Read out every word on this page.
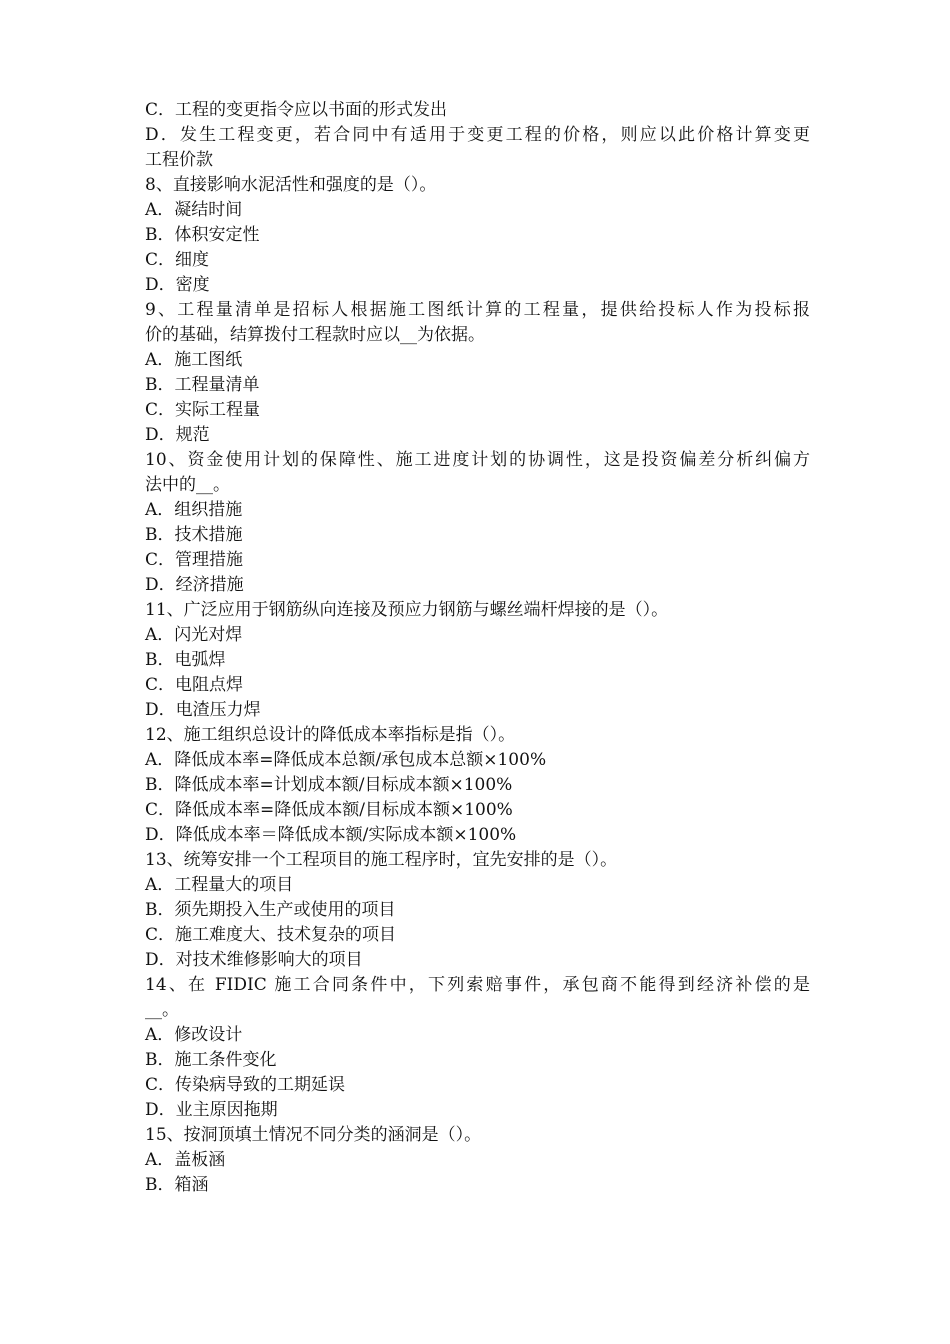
C．工程的变更指令应以书面的形式发出
D．发生工程变更，若合同中有适用于变更工程的价格，则应以此价格计算变更
工程价款
8、直接影响水泥活性和强度的是（）。
A．凝结时间
B．体积安定性
C．细度
D．密度
9、工程量清单是招标人根据施工图纸计算的工程量，提供给投标人作为投标报
价的基础，结算拨付工程款时应以__为依据。
A．施工图纸
B．工程量清单
C．实际工程量
D．规范
10、资金使用计划的保障性、施工进度计划的协调性，这是投资偏差分析纠偏方
法中的__。
A．组织措施
B．技术措施
C．管理措施
D．经济措施
11、广泛应用于钢筋纵向连接及预应力钢筋与螺丝端杆焊接的是（）。
A．闪光对焊
B．电弧焊
C．电阻点焊
D．电渣压力焊
12、施工组织总设计的降低成本率指标是指（）。
A．降低成本率=降低成本总额/承包成本总额×100%
B．降低成本率=计划成本额/目标成本额×100%
C．降低成本率=降低成本额/目标成本额×100%
D．降低成本率＝降低成本额/实际成本额×100%
13、统筹安排一个工程项目的施工程序时，宜先安排的是（）。
A．工程量大的项目
B．须先期投入生产或使用的项目
C．施工难度大、技术复杂的项目
D．对技术维修影响大的项目
14、在 FIDIC 施工合同条件中，下列索赔事件，承包商不能得到经济补偿的是
__。
A．修改设计
B．施工条件变化
C．传染病导致的工期延误
D．业主原因拖期
15、按洞顶填土情况不同分类的涵洞是（）。
A．盖板涵
B．箱涵
